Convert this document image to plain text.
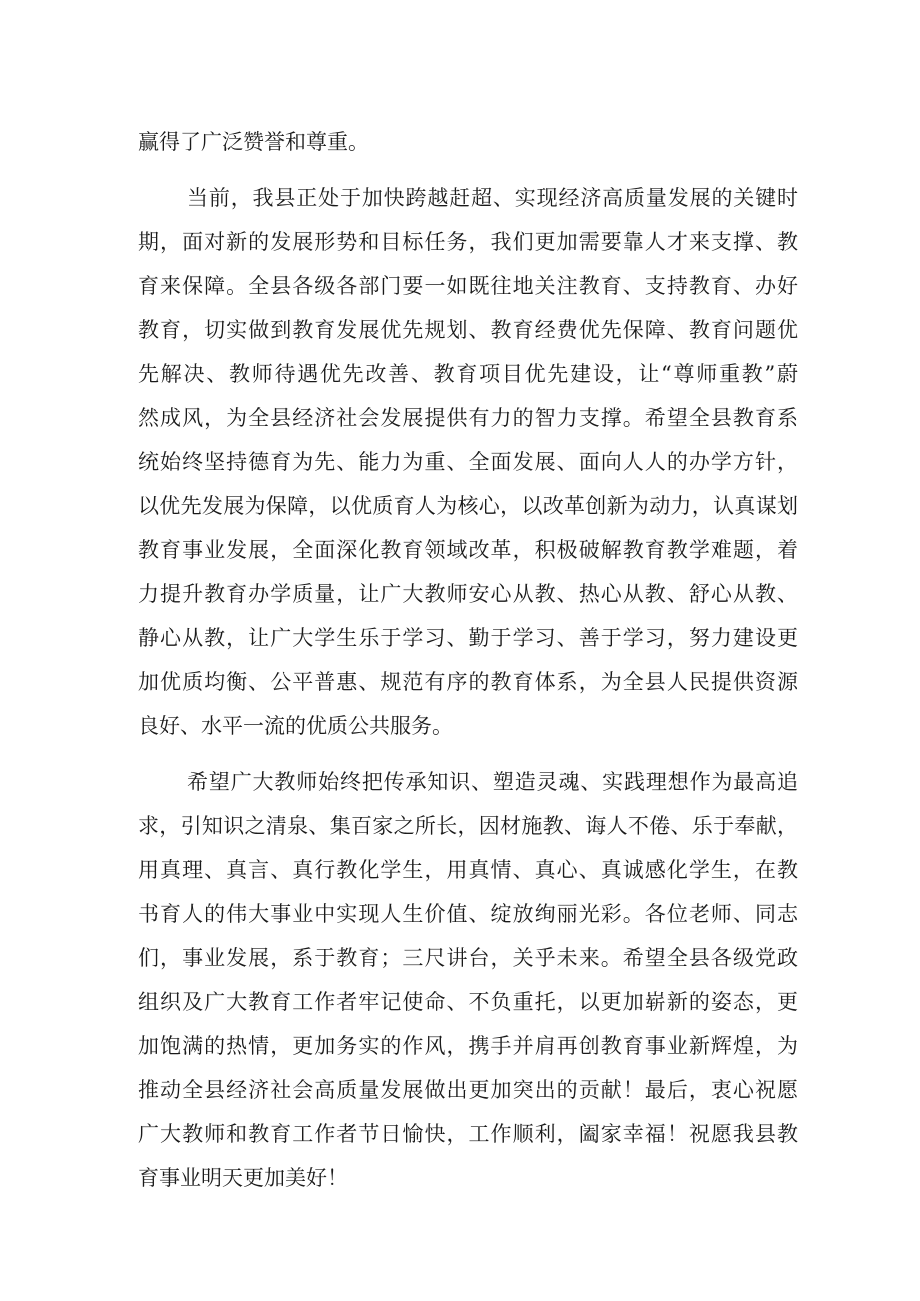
赢得了广泛赞誉和尊重。
当前，我县正处于加快跨越赶超、实现经济高质量发展的关键时
期，面对新的发展形势和目标任务，我们更加需要靠人才来支撑、教
育来保障。全县各级各部门要一如既往地关注教育、支持教育、办好
教育，切实做到教育发展优先规划、教育经费优先保障、教育问题优
先解决、教师待遇优先改善、教育项目优先建设，让“尊师重教”蔚
然成风，为全县经济社会发展提供有力的智力支撑。希望全县教育系
统始终坚持德育为先、能力为重、全面发展、面向人人的办学方针，
以优先发展为保障，以优质育人为核心，以改革创新为动力，认真谋划
教育事业发展，全面深化教育领域改革，积极破解教育教学难题，着
力提升教育办学质量，让广大教师安心从教、热心从教、舒心从教、
静心从教，让广大学生乐于学习、勤于学习、善于学习，努力建设更
加优质均衡、公平普惠、规范有序的教育体系，为全县人民提供资源
良好、水平一流的优质公共服务。
希望广大教师始终把传承知识、塑造灵魂、实践理想作为最高追
求，引知识之清泉、集百家之所长，因材施教、诲人不倦、乐于奉献，
用真理、真言、真行教化学生，用真情、真心、真诚感化学生，在教
书育人的伟大事业中实现人生价值、绽放绚丽光彩。各位老师、同志
们，事业发展，系于教育；三尺讲台，关乎未来。希望全县各级党政
组织及广大教育工作者牢记使命、不负重托，以更加崭新的姿态，更
加饱满的热情，更加务实的作风，携手并肩再创教育事业新辉煌，为
推动全县经济社会高质量发展做出更加突出的贡献！最后，衷心祝愿
广大教师和教育工作者节日愉快，工作顺利，阖家幸福！祝愿我县教
育事业明天更加美好！
